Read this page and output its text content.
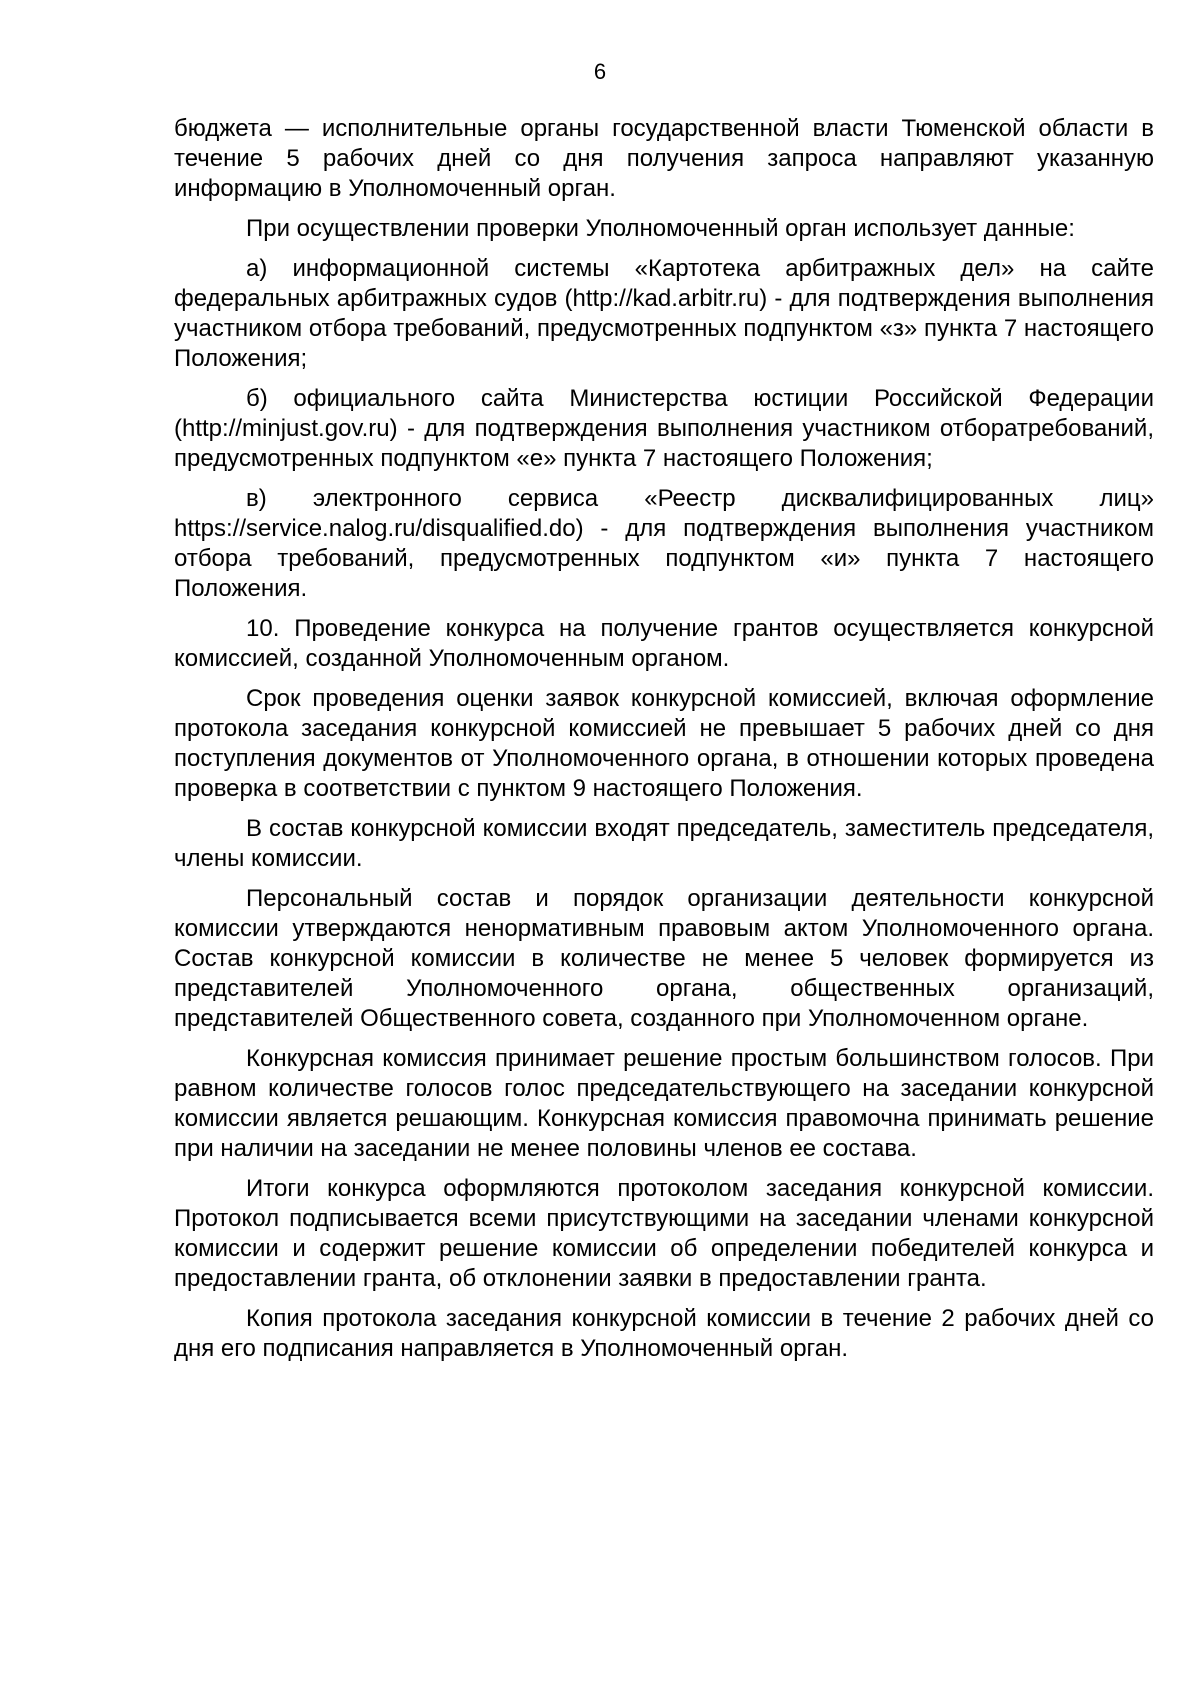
6

бюджета — исполнительные органы государственной власти Тюменской области в течение 5 рабочих дней со дня получения запроса направляют указанную информацию в Уполномоченный орган.

При осуществлении проверки Уполномоченный орган использует данные:

а) информационной системы «Картотека арбитражных дел» на сайте федеральных арбитражных судов (http://kad.arbitr.ru) - для подтверждения выполнения участником отбора требований, предусмотренных подпунктом «з» пункта 7 настоящего Положения;

б) официального сайта Министерства юстиции Российской Федерации (http://minjust.gov.ru) - для подтверждения выполнения участником отборатребований, предусмотренных подпунктом «е» пункта 7 настоящего Положения;

в) электронного сервиса «Реестр дисквалифицированных лиц» https://service.nalog.ru/disqualified.do) - для подтверждения выполнения участником отбора требований, предусмотренных подпунктом «и» пункта 7 настоящего Положения.

10. Проведение конкурса на получение грантов осуществляется конкурсной комиссией, созданной Уполномоченным органом.

Срок проведения оценки заявок конкурсной комиссией, включая оформление протокола заседания конкурсной комиссией не превышает 5 рабочих дней со дня поступления документов от Уполномоченного органа, в отношении которых проведена проверка в соответствии с пунктом 9 настоящего Положения.

В состав конкурсной комиссии входят председатель, заместитель председателя, члены комиссии.

Персональный состав и порядок организации деятельности конкурсной комиссии утверждаются ненормативным правовым актом Уполномоченного органа. Состав конкурсной комиссии в количестве не менее 5 человек формируется из представителей Уполномоченного органа, общественных организаций, представителей Общественного совета, созданного при Уполномоченном органе.

Конкурсная комиссия принимает решение простым большинством голосов. При равном количестве голосов голос председательствующего на заседании конкурсной комиссии является решающим. Конкурсная комиссия правомочна принимать решение при наличии на заседании не менее половины членов ее состава.

Итоги конкурса оформляются протоколом заседания конкурсной комиссии. Протокол подписывается всеми присутствующими на заседании членами конкурсной комиссии и содержит решение комиссии об определении победителей конкурса и предоставлении гранта, об отклонении заявки в предоставлении гранта.

Копия протокола заседания конкурсной комиссии в течение 2 рабочих дней со дня его подписания направляется в Уполномоченный орган.
